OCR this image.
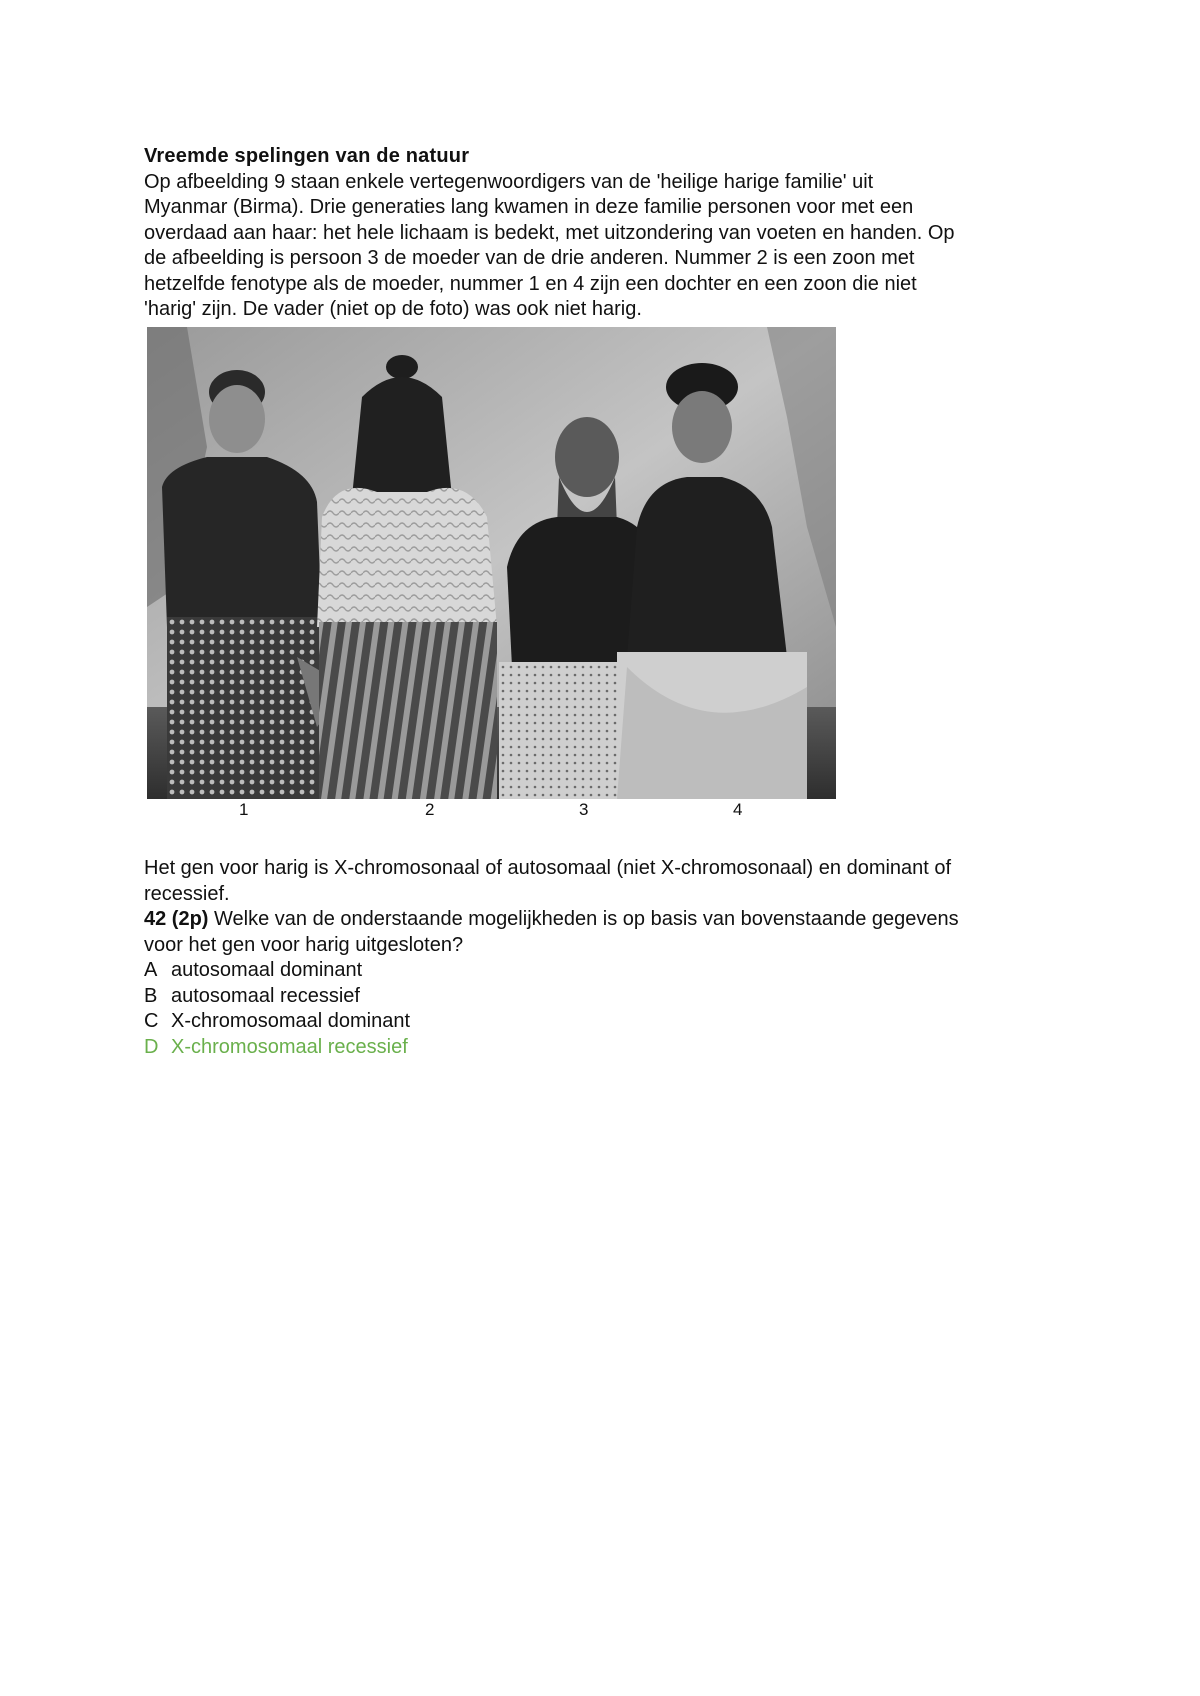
Vreemde spelingen van de natuur

Op afbeelding 9 staan enkele vertegenwoordigers van de 'heilige harige familie' uit

Myanmar (Birma). Drie generaties lang kwamen in deze familie personen voor met een

overdaad aan haar: het hele lichaam is bedekt, met uitzondering van voeten en handen. Op

de afbeelding is persoon 3 de moeder van de drie anderen. Nummer 2 is een zoon met

hetzelfde fenotype als de moeder, nummer 1 en 4 zijn een dochter en een zoon die niet

'harig' zijn. De vader (niet op de foto) was ook niet harig.

1	2	3	4

Het gen voor harig is X-chromosonaal of autosomaal (niet X-chromosonaal) en dominant of

recessief.

42 (2p) Welke van de onderstaande mogelijkheden is op basis van bovenstaande gegevens

voor het gen voor harig uitgesloten?

A autosomaal dominant
B autosomaal recessief
C X-chromosomaal dominant
D X-chromosomaal recessief
